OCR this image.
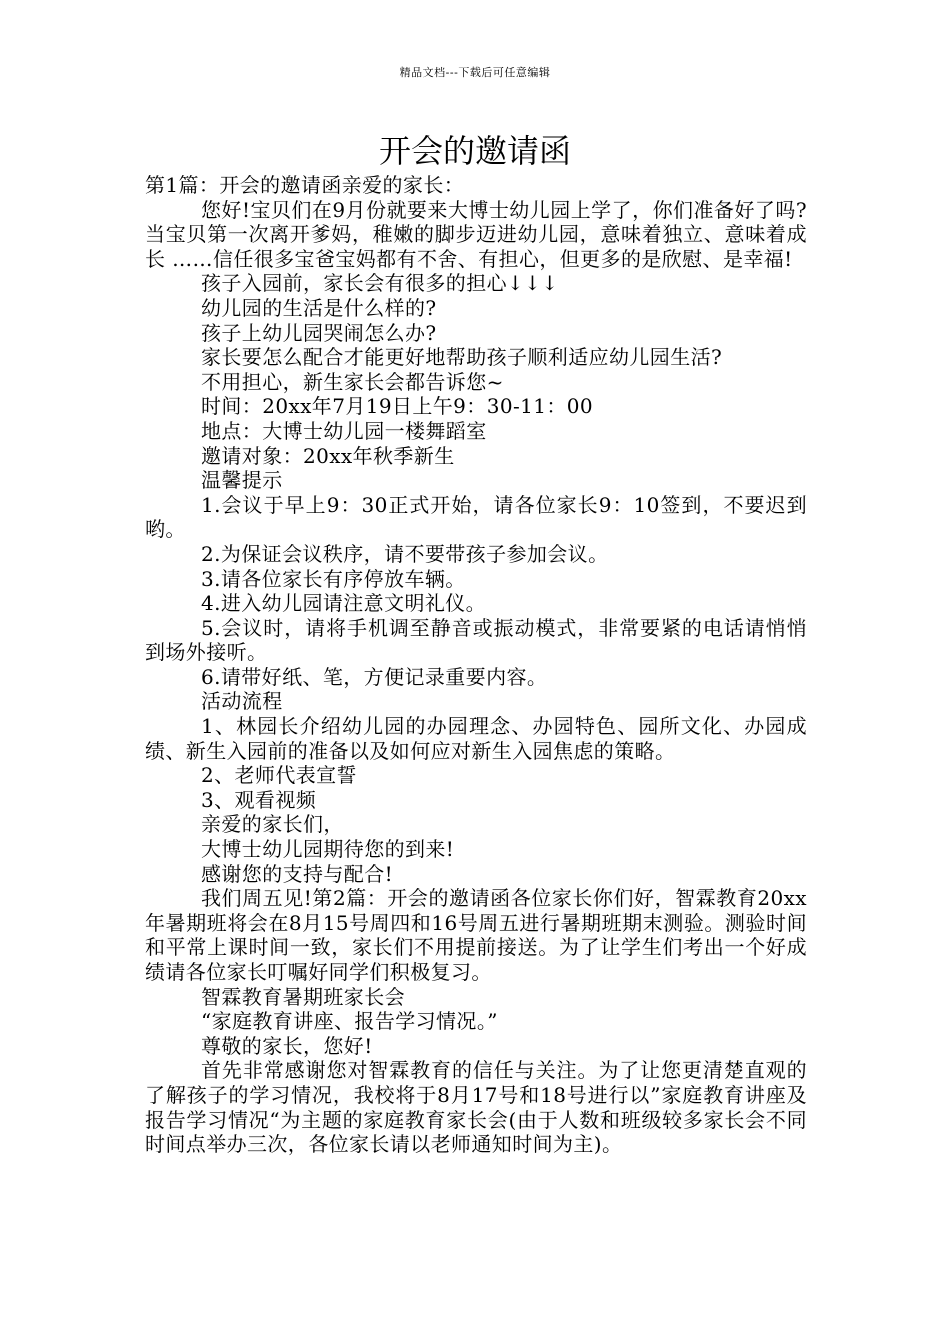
精品文档---下载后可任意编辑
开会的邀请函

第1篇：开会的邀请函亲爱的家长：

您好!宝贝们在9月份就要来大博士幼儿园上学了，你们准备好了吗?当宝贝第一次离开爹妈，稚嫩的脚步迈进幼儿园，意味着独立、意味着成长 ……信任很多宝爸宝妈都有不舍、有担心，但更多的是欣慰、是幸福!

孩子入园前，家长会有很多的担心↓↓↓

幼儿园的生活是什么样的?

孩子上幼儿园哭闹怎么办?

家长要怎么配合才能更好地帮助孩子顺利适应幼儿园生活?

不用担心，新生家长会都告诉您~

时间：20xx年7月19日上午9：30-11：00

地点：大博士幼儿园一楼舞蹈室

邀请对象：20xx年秋季新生

温馨提示

1.会议于早上9：30正式开始，请各位家长9：10签到，不要迟到哟。

2.为保证会议秩序，请不要带孩子参加会议。

3.请各位家长有序停放车辆。

4.进入幼儿园请注意文明礼仪。

5.会议时，请将手机调至静音或振动模式，非常要紧的电话请悄悄到场外接听。

6.请带好纸、笔，方便记录重要内容。

活动流程

1、林园长介绍幼儿园的办园理念、办园特色、园所文化、办园成绩、新生入园前的准备以及如何应对新生入园焦虑的策略。

2、老师代表宣誓

3、观看视频

亲爱的家长们，

大博士幼儿园期待您的到来!

感谢您的支持与配合!

我们周五见!第2篇：开会的邀请函各位家长你们好，智霖教育20xx年暑期班将会在8月15号周四和16号周五进行暑期班期末测验。测验时间和平常上课时间一致，家长们不用提前接送。为了让学生们考出一个好成绩请各位家长叮嘱好同学们积极复习。

智霖教育暑期班家长会

“家庭教育讲座、报告学习情况。”

尊敬的家长，您好!

首先非常感谢您对智霖教育的信任与关注。为了让您更清楚直观的了解孩子的学习情况，我校将于8月17号和18号进行以”家庭教育讲座及报告学习情况“为主题的家庭教育家长会(由于人数和班级较多家长会不同时间点举办三次，各位家长请以老师通知时间为主)。
